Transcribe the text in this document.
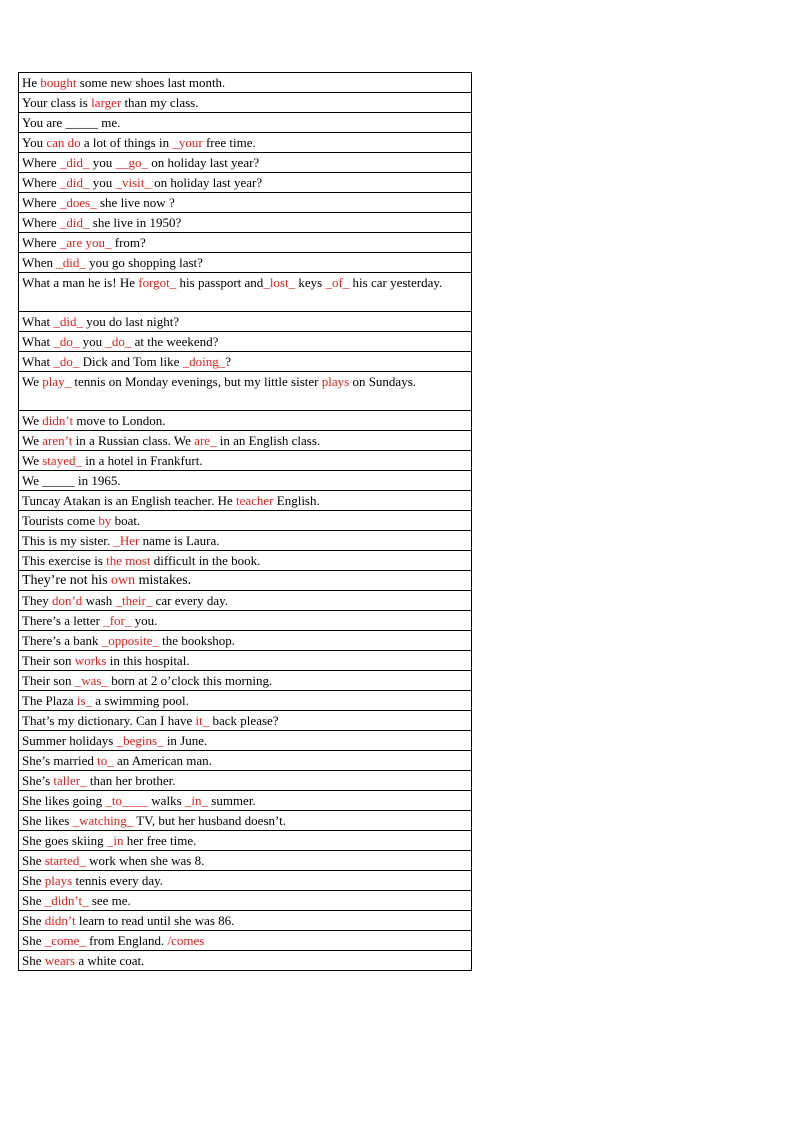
He bought some new shoes last month.
Your class is larger than my class.
You are _____ me.
You can do a lot of things in _your free time.
Where _did_ you __go_ on holiday last year?
Where _did_ you _visit_ on holiday last year?
Where _does_ she live now ?
Where _did_ she live in 1950?
Where _are you_ from?
When _did_ you go shopping last?
What a man he is! He forgot_ his passport and_lost_ keys _of_ his car yesterday.
What _did_ you do last night?
What _do_ you _do_ at the weekend?
What _do_ Dick and Tom like _doing_?
We play_ tennis on Monday evenings, but my little sister plays on Sundays.
We didn’t move to London.
We aren’t in a Russian class. We are_ in an English class.
We stayed_ in a hotel in Frankfurt.
We _____ in 1965.
Tuncay Atakan is an English teacher. He teacher English.
Tourists come by boat.
This is my sister. _Her name is Laura.
This exercise is the most difficult in the book.
They’re not his own mistakes.
They don’d wash _their_ car every day.
There’s a letter _for_ you.
There’s a bank _opposite_ the bookshop.
Their son works in this hospital.
Their son _was_ born at 2 o’clock this morning.
The Plaza is_ a swimming pool.
That’s my dictionary. Can I have it_ back please?
Summer holidays _begins_ in June.
She’s married to_ an American man.
She’s taller_ than her brother.
She likes going _to____ walks _in_ summer.
She likes _watching_ TV, but her husband doesn’t.
She goes skiing _in her free time.
She started_ work when she was 8.
She plays tennis every day.
She _didn’t_ see me.
She didn’t learn to read until she was 86.
She _come_ from England. /comes
She wears a white coat.
